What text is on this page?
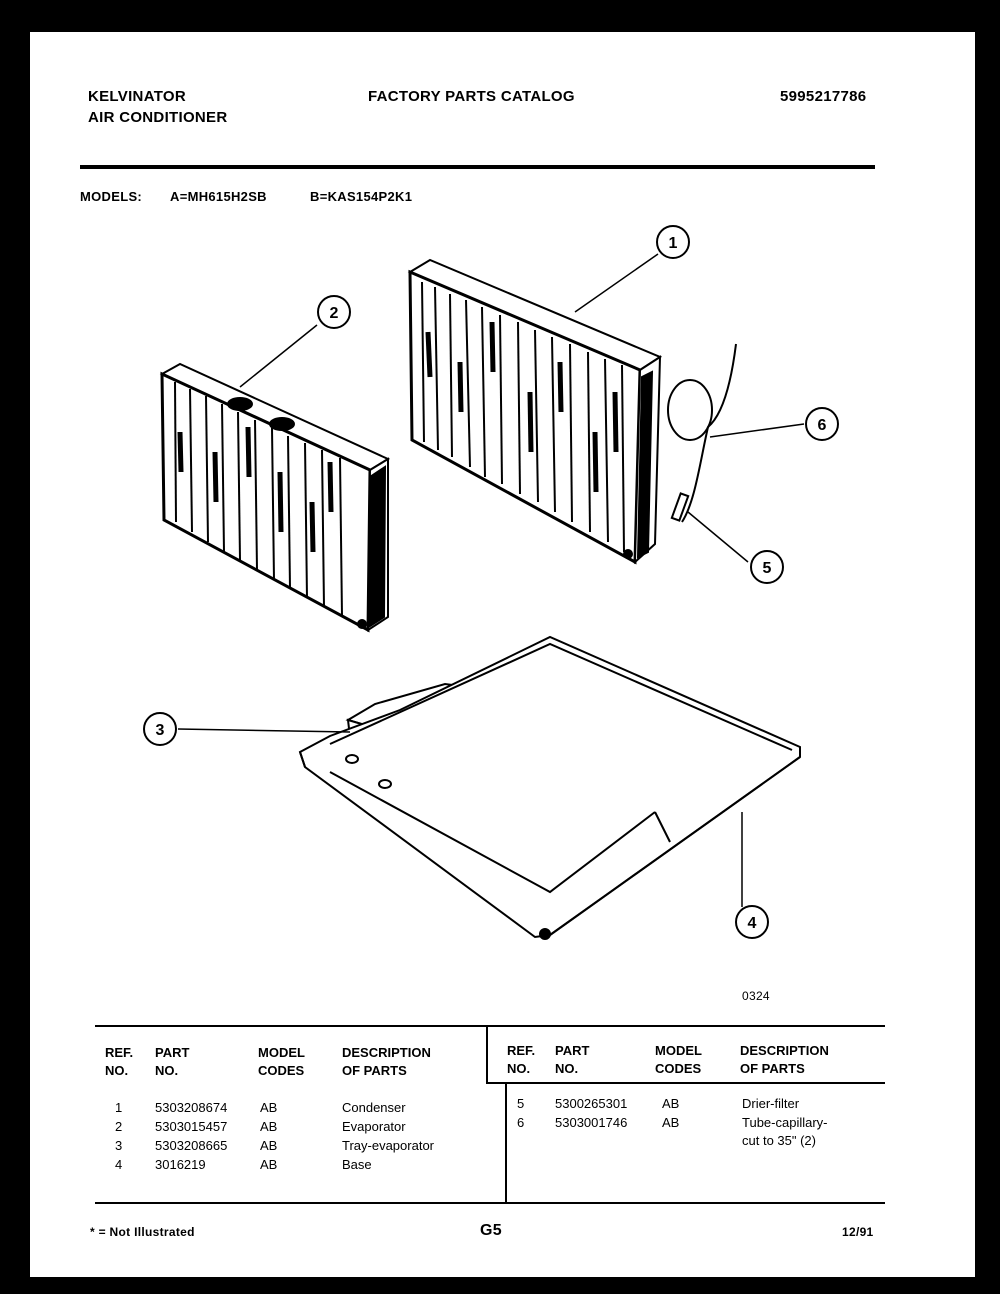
KELVINATOR
AIR CONDITIONER
FACTORY PARTS CATALOG	5995217786
MODELS: A=MH615H2SB	B=KAS154P2K1
1
2
3
4
5
6
0324
REF.
NO.
PART
NO.
MODEL
CODES
DESCRIPTION
OF PARTS
REF.
NO.
PART
NO.
MODEL
CODES
DESCRIPTION
OF PARTS
1	5303208674	AB	Condenser
2	5303015457	AB	Evaporator
3	5303208665	AB	Tray-evaporator
4	3016219	AB	Base
5 5300265301	AB	Drier-filter
6 5303001746	AB	Tube-capillary-
cut to 35" (2)
* = Not Illustrated	G5	12/91
